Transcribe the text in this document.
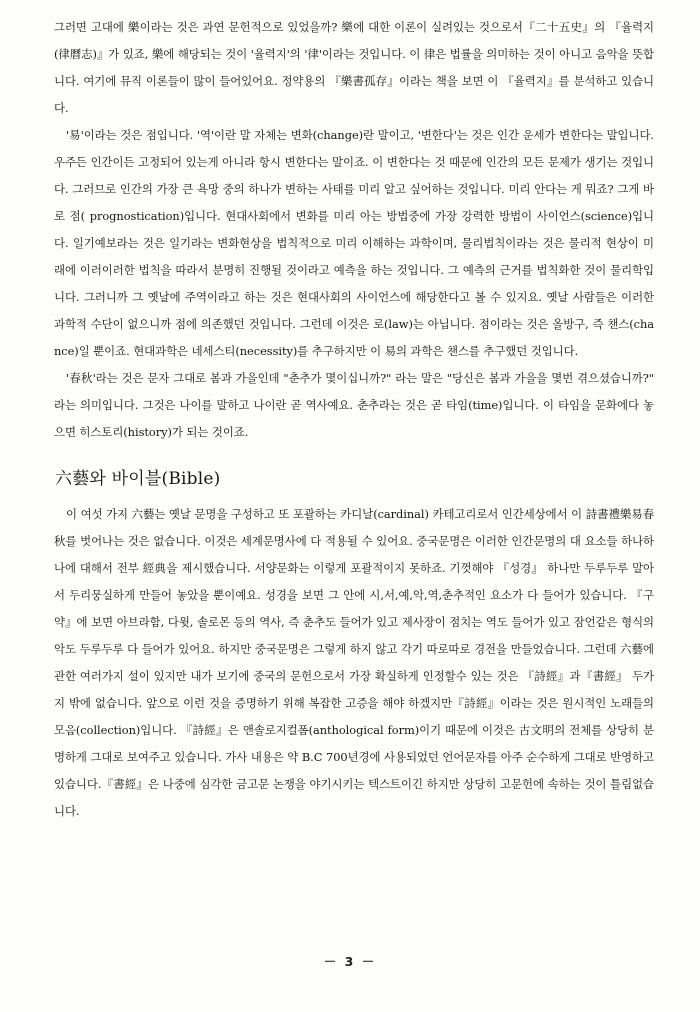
그러면 고대에 樂이라는 것은 과연 문헌적으로 있었을까? 樂에 대한 이론이 실려있는 것으로서『二十五史』의 『율력지(律曆志)』가 있죠, 樂에 해당되는 것이 '율력지'의 '律'이라는 것입니다. 이 律은 법률을 의미하는 것이 아니고 음악을 뜻합니다. 여기에 뮤직 이론들이 많이 들어있어요. 정약용의 『樂書孤存』이라는 책을 보면 이 『율력지』를 분석하고 있습니다.

'易'이라는 것은 점입니다. '역'이란 말 자체는 변화(change)란 말이고, '변한다'는 것은 인간 운세가 변한다는 말입니다. 우주든 인간이든 고정되어 있는게 아니라 항시 변한다는 말이죠. 이 변한다는 것 때문에 인간의 모든 문제가 생기는 것입니다. 그러므로 인간의 가장 큰 욕망 중의 하나가 변하는 사태를 미리 알고 싶어하는 것입니다. 미리 안다는 게 뭐죠? 그게 바로 점( prognostication)입니다. 현대사회에서 변화를 미리 아는 방법중에 가장 강력한 방법이 사이언스(science)입니다. 일기예보라는 것은 일기라는 변화현상을 법칙적으로 미리 이해하는 과학이며, 물리법칙이라는 것은 물리적 현상이 미래에 이러이러한 법칙을 따라서 분명히 진행될 것이라고 예측을 하는 것입니다. 그 예측의 근거를 법칙화한 것이 물리학입니다. 그러니까 그 옛날에 주역이라고 하는 것은 현대사회의 사이언스에 해당한다고 볼 수 있지요. 옛날 사람들은 이러한 과학적 수단이 없으니까 점에 의존했던 것입니다. 그런데 이것은 로(law)는 아닙니다. 점이라는 것은 올방구, 즉 챈스(chance)일 뿐이죠. 현대과학은 네세스티(necessity)를 추구하지만 이 易의 과학은 챈스를 추구했던 것입니다.

'春秋'라는 것은 문자 그대로 봄과 가을인데 "춘추가 몇이십니까?" 라는 말은 "당신은 봄과 가을을 몇번 겪으셨습니까?" 라는 의미입니다. 그것은 나이를 말하고 나이란 곧 역사예요. 춘추라는 것은 곧 타임(time)입니다. 이 타임을 문화에다 놓으면 히스토리(history)가 되는 것이죠.

六藝와 바이블(Bible)

이 여섯 가지 六藝는 옛날 문명을 구성하고 또 포괄하는 카디날(cardinal) 카테고리로서 인간세상에서 이 詩書禮樂易春秋를 벗어나는 것은 없습니다. 이것은 세계문명사에 다 적용될 수 있어요. 중국문명은 이러한 인간문명의 대 요소들 하나하나에 대해서 전부 經典을 제시했습니다. 서양문화는 이렇게 포괄적이지 못하죠. 기껏해야 『성경』 하나만 두루두루 말아서 두리뭉실하게 만들어 놓았을 뿐이예요. 성경을 보면 그 안에 시,서,예,악,역,춘추적인 요소가 다 들어가 있습니다. 『구약』에 보면 아브라함, 다윗, 솔로몬 등의 역사, 즉 춘추도 들어가 있고 제사장이 점치는 역도 들어가 있고 잠언같은 형식의 악도 두루두루 다 들어가 있어요. 하지만 중국문명은 그렇게 하지 않고 각기 따로따로 경전을 만들었습니다. 그런데 六藝에 관한 여러가지 설이 있지만 내가 보기에 중국의 문헌으로서 가장 확실하게 인정할수 있는 것은 『詩經』과『書經』 두가지 밖에 없습니다. 앞으로 이런 것을 증명하기 위해 복잡한 고증을 해야 하겠지만『詩經』이라는 것은 원시적인 노래들의 모음(collection)입니다. 『詩經』은 앤솔로지컬폼(anthological form)이기 때문에 이것은 古文明의 전체를 상당히 분명하게 그대로 보여주고 있습니다. 가사 내용은 약 B.C 700년경에 사용되었던 언어문자를 아주 순수하게 그대로 반영하고 있습니다.『書經』은 나중에 심각한 금고문 논쟁을 야기시키는 텍스트이긴 하지만 상당히 고문헌에 속하는 것이 틀림없습니다.

－ 3 －
